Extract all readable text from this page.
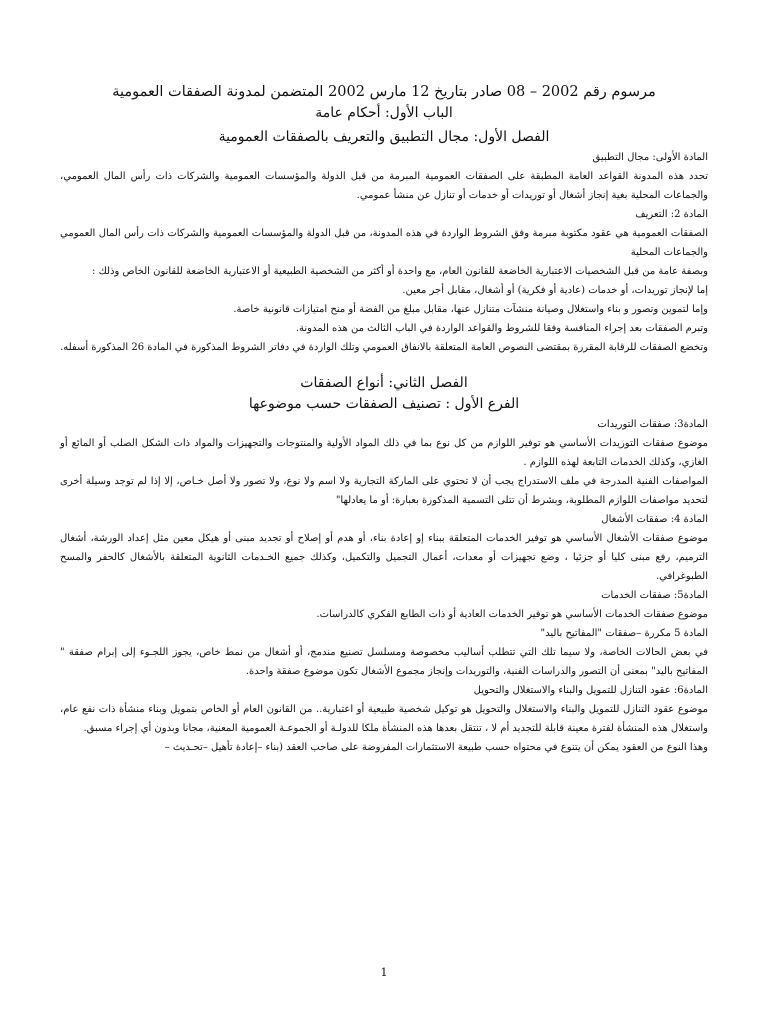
مرسوم رقم 2002 – 08 صادر بتاريخ 12 مارس 2002 المتضمن لمدونة الصفقات العمومية

الباب الأول: أحكام عامة

الفصل الأول: مجال التطبيق والتعريف بالصفقات العمومية

المادة الأولى: مجال التطبيق

تحدد هذه المدونة القواعد العامة المطبقة على الصفقات العمومية المبرمة من قبل الدولة والمؤسسات العمومية والشركات ذات رأس المال العمومي، والجماعات المحلية بغية إنجاز أشغال أو توريدات أو خدمات أو تنازل عن منشأ عمومي.

المادة 2: التعريف

الصفقات العمومية هي عقود مكتوبة مبرمة وفق الشروط الواردة في هذه المدونة، من قبل الدولة والمؤسسات العمومية والشركات ذات رأس المال العمومي والجماعات المحلية

وبصفة عامة من قبل الشخصيات الاعتبارية الخاضعة للقانون العام، مع واحدة أو أكثر من الشخصية الطبيعية أو الاعتبارية الخاضعة للقانون الخاص وذلك :

إما لإنجاز توريدات، أو خدمات (عادية أو فكرية) أو أشغال، مقابل أجر معين.

وإما لتموين وتصور و بناء واستغلال وصيانة منشآت متنازل عنها، مقابل مبلغ من الفضة أو منح امتيازات قانونية خاصة.

وتبرم الصفقات بعد إجراء المنافسة وفقا للشروط والقواعد الواردة في الباب الثالث من هذه المدونة.

وتخضع الصفقات للرقابة المقررة بمقتضى النصوص العامة المتعلقة بالانفاق العمومي وتلك الواردة في دفاتر الشروط المذكورة في المادة 26 المذكورة أسفله.

الفصل الثاني: أنواع الصفقات

الفرع الأول : تصنيف الصفقات حسب موضوعها

المادة3: صفقات التوريدات

موضوع صفقات التوريدات الأساسي هو توفير اللوازم من كل نوع بما في ذلك المواد الأولية والمنتوجات والتجهيزات والمواد ذات الشكل الصلب أو المائع أو الغازي، وكذلك الخدمات التابعة لهذه اللوازم .

المواصفات الفنية المدرجة في ملف الاستدراج يجب أن لا تحتوي على الماركة التجارية ولا اسم ولا نوع، ولا تصور ولا أصل خـاص، إلا إذا لم توجد وسيلة أخرى لتحديد مواصفات اللوازم المطلوبة، وبشرط أن تتلى التسمية المذكورة بعبارة: أو ما يعادلها"

المادة 4: صفقات الأشغال

موضوع صفقات الأشغال الأساسي هو توفير الخدمات المتعلقة ببناء إو إعادة بناء، أو هدم أو إصلاح أو تجديد مبنى أو هيكل معين مثل إعداد الورشة، أشغال الترميم، رفع مبنى كليا أو جزئيا ، وضع تجهيزات أو معدات، أعمال التجميل والتكميل، وكذلك جميع الخـدمات الثانوية المتعلقة بالأشغال كالحفر والمسح الطبوغرافي.

المادة5: صفقات الخدمات

موضوع صفقات الخدمات الأساسي هو توفير الخدمات العادية أو ذات الطابع الفكري كالدراسات.

المادة 5 مكررة –صفقات "المفاتيح باليد"

في بعض الحالات الخاصة، ولا سيما تلك التي تتطلب أساليب مخصوصة ومسلسل تصنيع مندمج، أو أشغال من نمط خاص، يجوز اللجـوء إلى إبرام صفقة " المفاتيح باليد" بمعنى أن التصور والدراسات الفنية، والتوريدات وإنجاز مجموع الأشغال تكون موضوع صفقة واحدة.

المادة6: عقود التنازل للتمويل والبناء والاستغلال والتحويل

موضوع عقود التنازل للتمويل والبناء والاستغلال والتحويل هو توكيل شخصية طبيعية أو اعتبارية.. من القانون العام أو الخاص بتمويل وبناء منشأة ذات نفع عام، واستغلال هذه المنشأة لفترة معينة قابلة للتجديد أم لا ، تنتقل بعدها هذه المنشأة ملكا للدولـة أو الجموعـة العمومية المعنية، مجانا وبدون أي إجراء مسبق.

وهذا النوع من العقود يمكن أن يتنوع في محتواه حسب طبيعة الاستثمارات المفروضة على صاحب العقد (بناء –إعادة تأهيل –تحـديث –

1
